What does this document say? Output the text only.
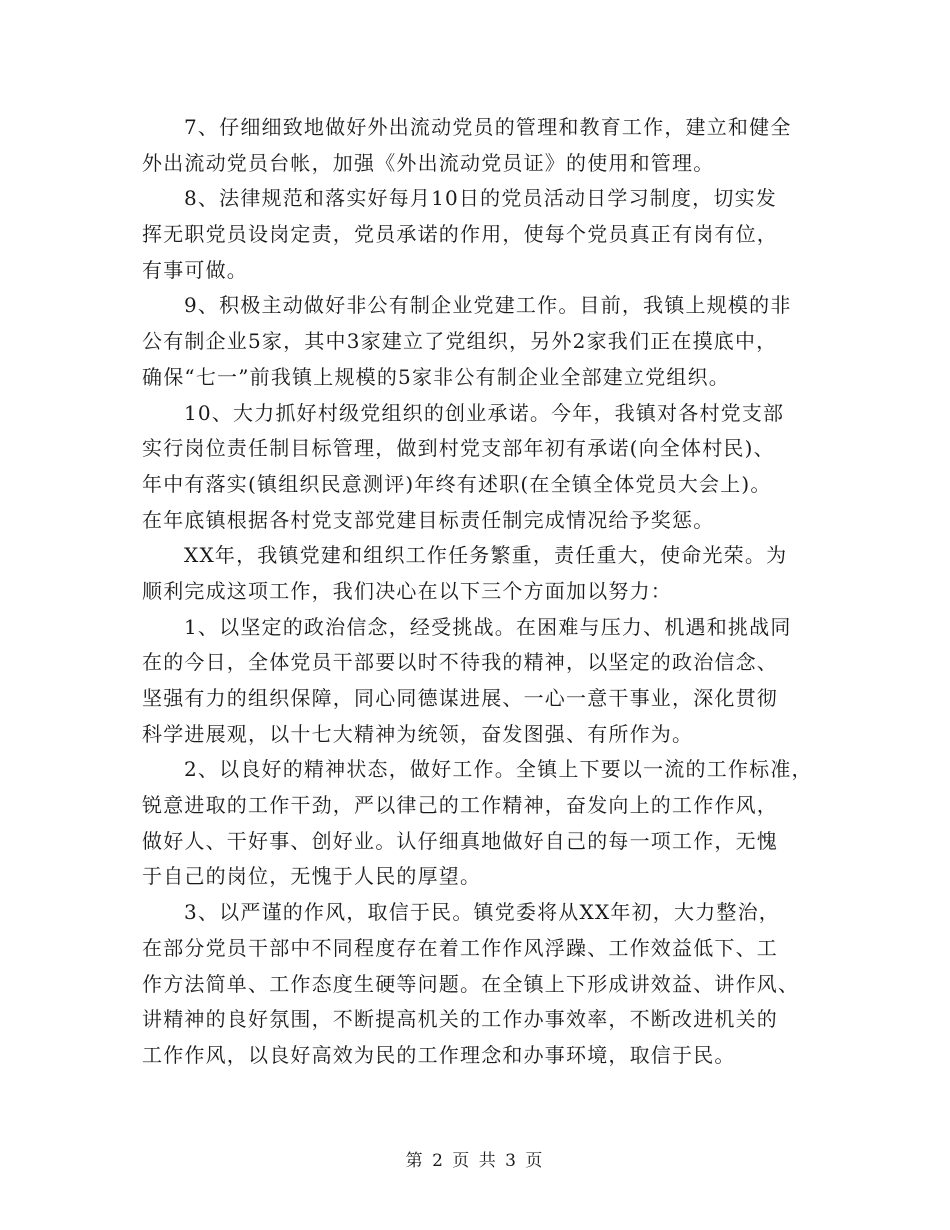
7、仔细细致地做好外出流动党员的管理和教育工作，建立和健全
外出流动党员台帐，加强《外出流动党员证》的使用和管理。
8、法律规范和落实好每月10日的党员活动日学习制度，切实发
挥无职党员设岗定责，党员承诺的作用，使每个党员真正有岗有位，
有事可做。
9、积极主动做好非公有制企业党建工作。目前，我镇上规模的非
公有制企业5家，其中3家建立了党组织，另外2家我们正在摸底中，
确保“七一”前我镇上规模的5家非公有制企业全部建立党组织。
10、大力抓好村级党组织的创业承诺。今年，我镇对各村党支部
实行岗位责任制目标管理，做到村党支部年初有承诺(向全体村民)、
年中有落实(镇组织民意测评)年终有述职(在全镇全体党员大会上)。
在年底镇根据各村党支部党建目标责任制完成情况给予奖惩。
XX年，我镇党建和组织工作任务繁重，责任重大，使命光荣。为
顺利完成这项工作，我们决心在以下三个方面加以努力：
1、以坚定的政治信念，经受挑战。在困难与压力、机遇和挑战同
在的今日，全体党员干部要以时不待我的精神，以坚定的政治信念、
坚强有力的组织保障，同心同德谋进展、一心一意干事业，深化贯彻
科学进展观，以十七大精神为统领，奋发图强、有所作为。
2、以良好的精神状态，做好工作。全镇上下要以一流的工作标准，
锐意进取的工作干劲，严以律己的工作精神，奋发向上的工作作风，
做好人、干好事、创好业。认仔细真地做好自己的每一项工作，无愧
于自己的岗位，无愧于人民的厚望。
3、以严谨的作风，取信于民。镇党委将从XX年初，大力整治，
在部分党员干部中不同程度存在着工作作风浮躁、工作效益低下、工
作方法简单、工作态度生硬等问题。在全镇上下形成讲效益、讲作风、
讲精神的良好氛围，不断提高机关的工作办事效率，不断改进机关的
工作作风，以良好高效为民的工作理念和办事环境，取信于民。
第 2 页 共 3 页
